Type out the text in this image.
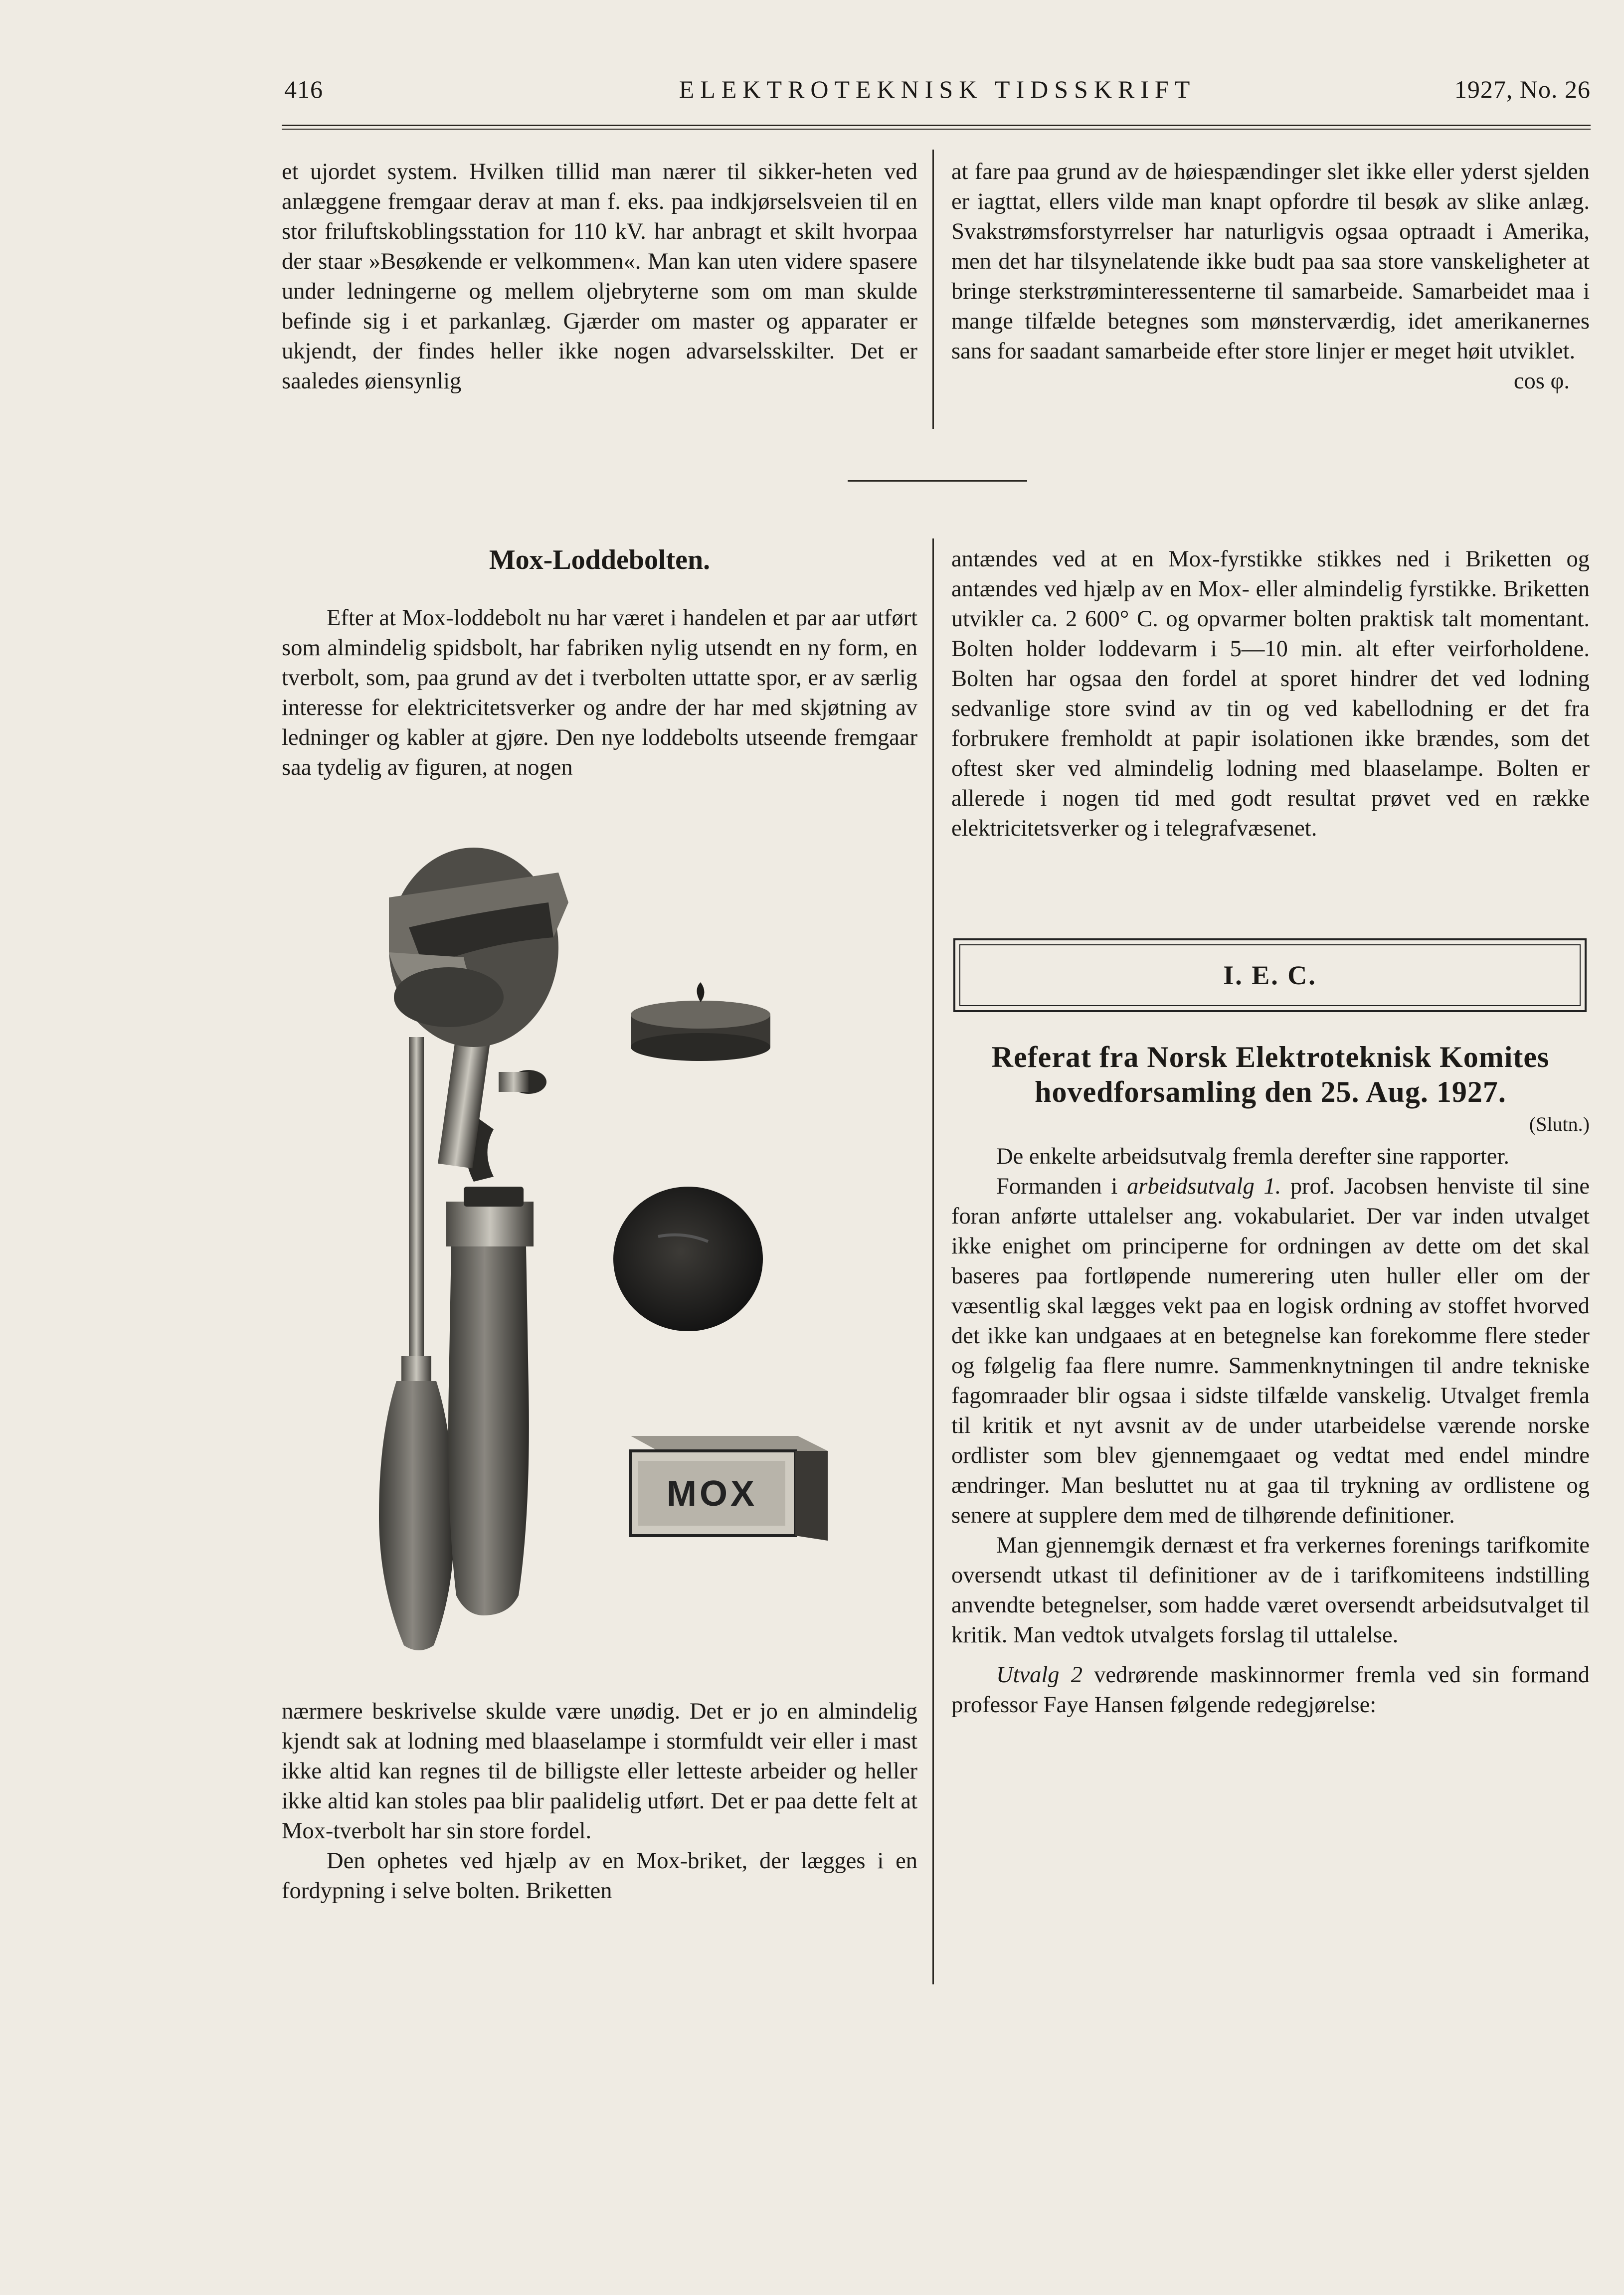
416	ELEKTROTEKNISK TIDSSKRIFT	1927, No. 26

et ujordet system. Hvilken tillid man nærer til sikker-heten ved anlæggene fremgaar derav at man f. eks. paa indkjørselsveien til en stor friluftskoblingsstation for 110 kV. har anbragt et skilt hvorpaa der staar »Besøkende er velkommen«. Man kan uten videre spasere under ledningerne og mellem oljebryterne som om man skulde befinde sig i et parkanlæg. Gjærder om master og apparater er ukjendt, der findes heller ikke nogen advarselsskilter. Det er saaledes øiensynlig

at fare paa grund av de høiespændinger slet ikke eller yderst sjelden er iagttat, ellers vilde man knapt opfordre til besøk av slike anlæg. Svakstrømsforstyrrelser har naturligvis ogsaa optraadt i Amerika, men det har tilsynelatende ikke budt paa saa store vanskeligheter at bringe sterkstrøminteressenterne til samarbeide. Samarbeidet maa i mange tilfælde betegnes som mønsterværdig, idet amerikanernes sans for saadant samarbeide efter store linjer er meget høit utviklet.
cos φ.

Mox-Loddebolten.

Efter at Mox-loddebolt nu har været i handelen et par aar utført som almindelig spidsbolt, har fabriken nylig utsendt en ny form, en tverbolt, som, paa grund av det i tverbolten uttatte spor, er av særlig interesse for elektricitetsverker og andre der har med skjøtning av ledninger og kabler at gjøre. Den nye loddebolts utseende fremgaar saa tydelig av figuren, at nogen

MOX

nærmere beskrivelse skulde være unødig. Det er jo en almindelig kjendt sak at lodning med blaaselampe i stormfuldt veir eller i mast ikke altid kan regnes til de billigste eller letteste arbeider og heller ikke altid kan stoles paa blir paalidelig utført. Det er paa dette felt at Mox-tverbolt har sin store fordel.

Den ophetes ved hjælp av en Mox-briket, der lægges i en fordypning i selve bolten. Briketten

antændes ved at en Mox-fyrstikke stikkes ned i Briketten og antændes ved hjælp av en Mox- eller almindelig fyrstikke. Briketten utvikler ca. 2 600° C. og opvarmer bolten praktisk talt momentant. Bolten holder loddevarm i 5—10 min. alt efter veirforholdene. Bolten har ogsaa den fordel at sporet hindrer det ved lodning sedvanlige store svind av tin og ved kabellodning er det fra forbrukere fremholdt at papir isolationen ikke brændes, som det oftest sker ved almindelig lodning med blaaselampe. Bolten er allerede i nogen tid med godt resultat prøvet ved en række elektricitetsverker og i telegrafvæsenet.

I. E. C.
Referat fra Norsk Elektroteknisk Komites
hovedforsamling den 25. Aug. 1927.
(Slutn.)

De enkelte arbeidsutvalg fremla derefter sine rapporter.

Formanden i arbeidsutvalg 1. prof. Jacobsen henviste til sine foran anførte uttalelser ang. vokabulariet. Der var inden utvalget ikke enighet om principerne for ordningen av dette om det skal baseres paa fortløpende numerering uten huller eller om der væsentlig skal lægges vekt paa en logisk ordning av stoffet hvorved det ikke kan undgaaes at en betegnelse kan forekomme flere steder og følgelig faa flere numre. Sammenknytningen til andre tekniske fagomraader blir ogsaa i sidste tilfælde vanskelig. Utvalget fremla til kritik et nyt avsnit av de under utarbeidelse værende norske ordlister som blev gjennemgaaet og vedtat med endel mindre ændringer. Man besluttet nu at gaa til trykning av ordlistene og senere at supplere dem med de tilhørende definitioner.

Man gjennemgik dernæst et fra verkernes forenings tarifkomite oversendt utkast til definitioner av de i tarifkomiteens indstilling anvendte betegnelser, som hadde været oversendt arbeidsutvalget til kritik. Man vedtok utvalgets forslag til uttalelse.

Utvalg 2 vedrørende maskinnormer fremla ved sin formand professor Faye Hansen følgende redegjørelse:
